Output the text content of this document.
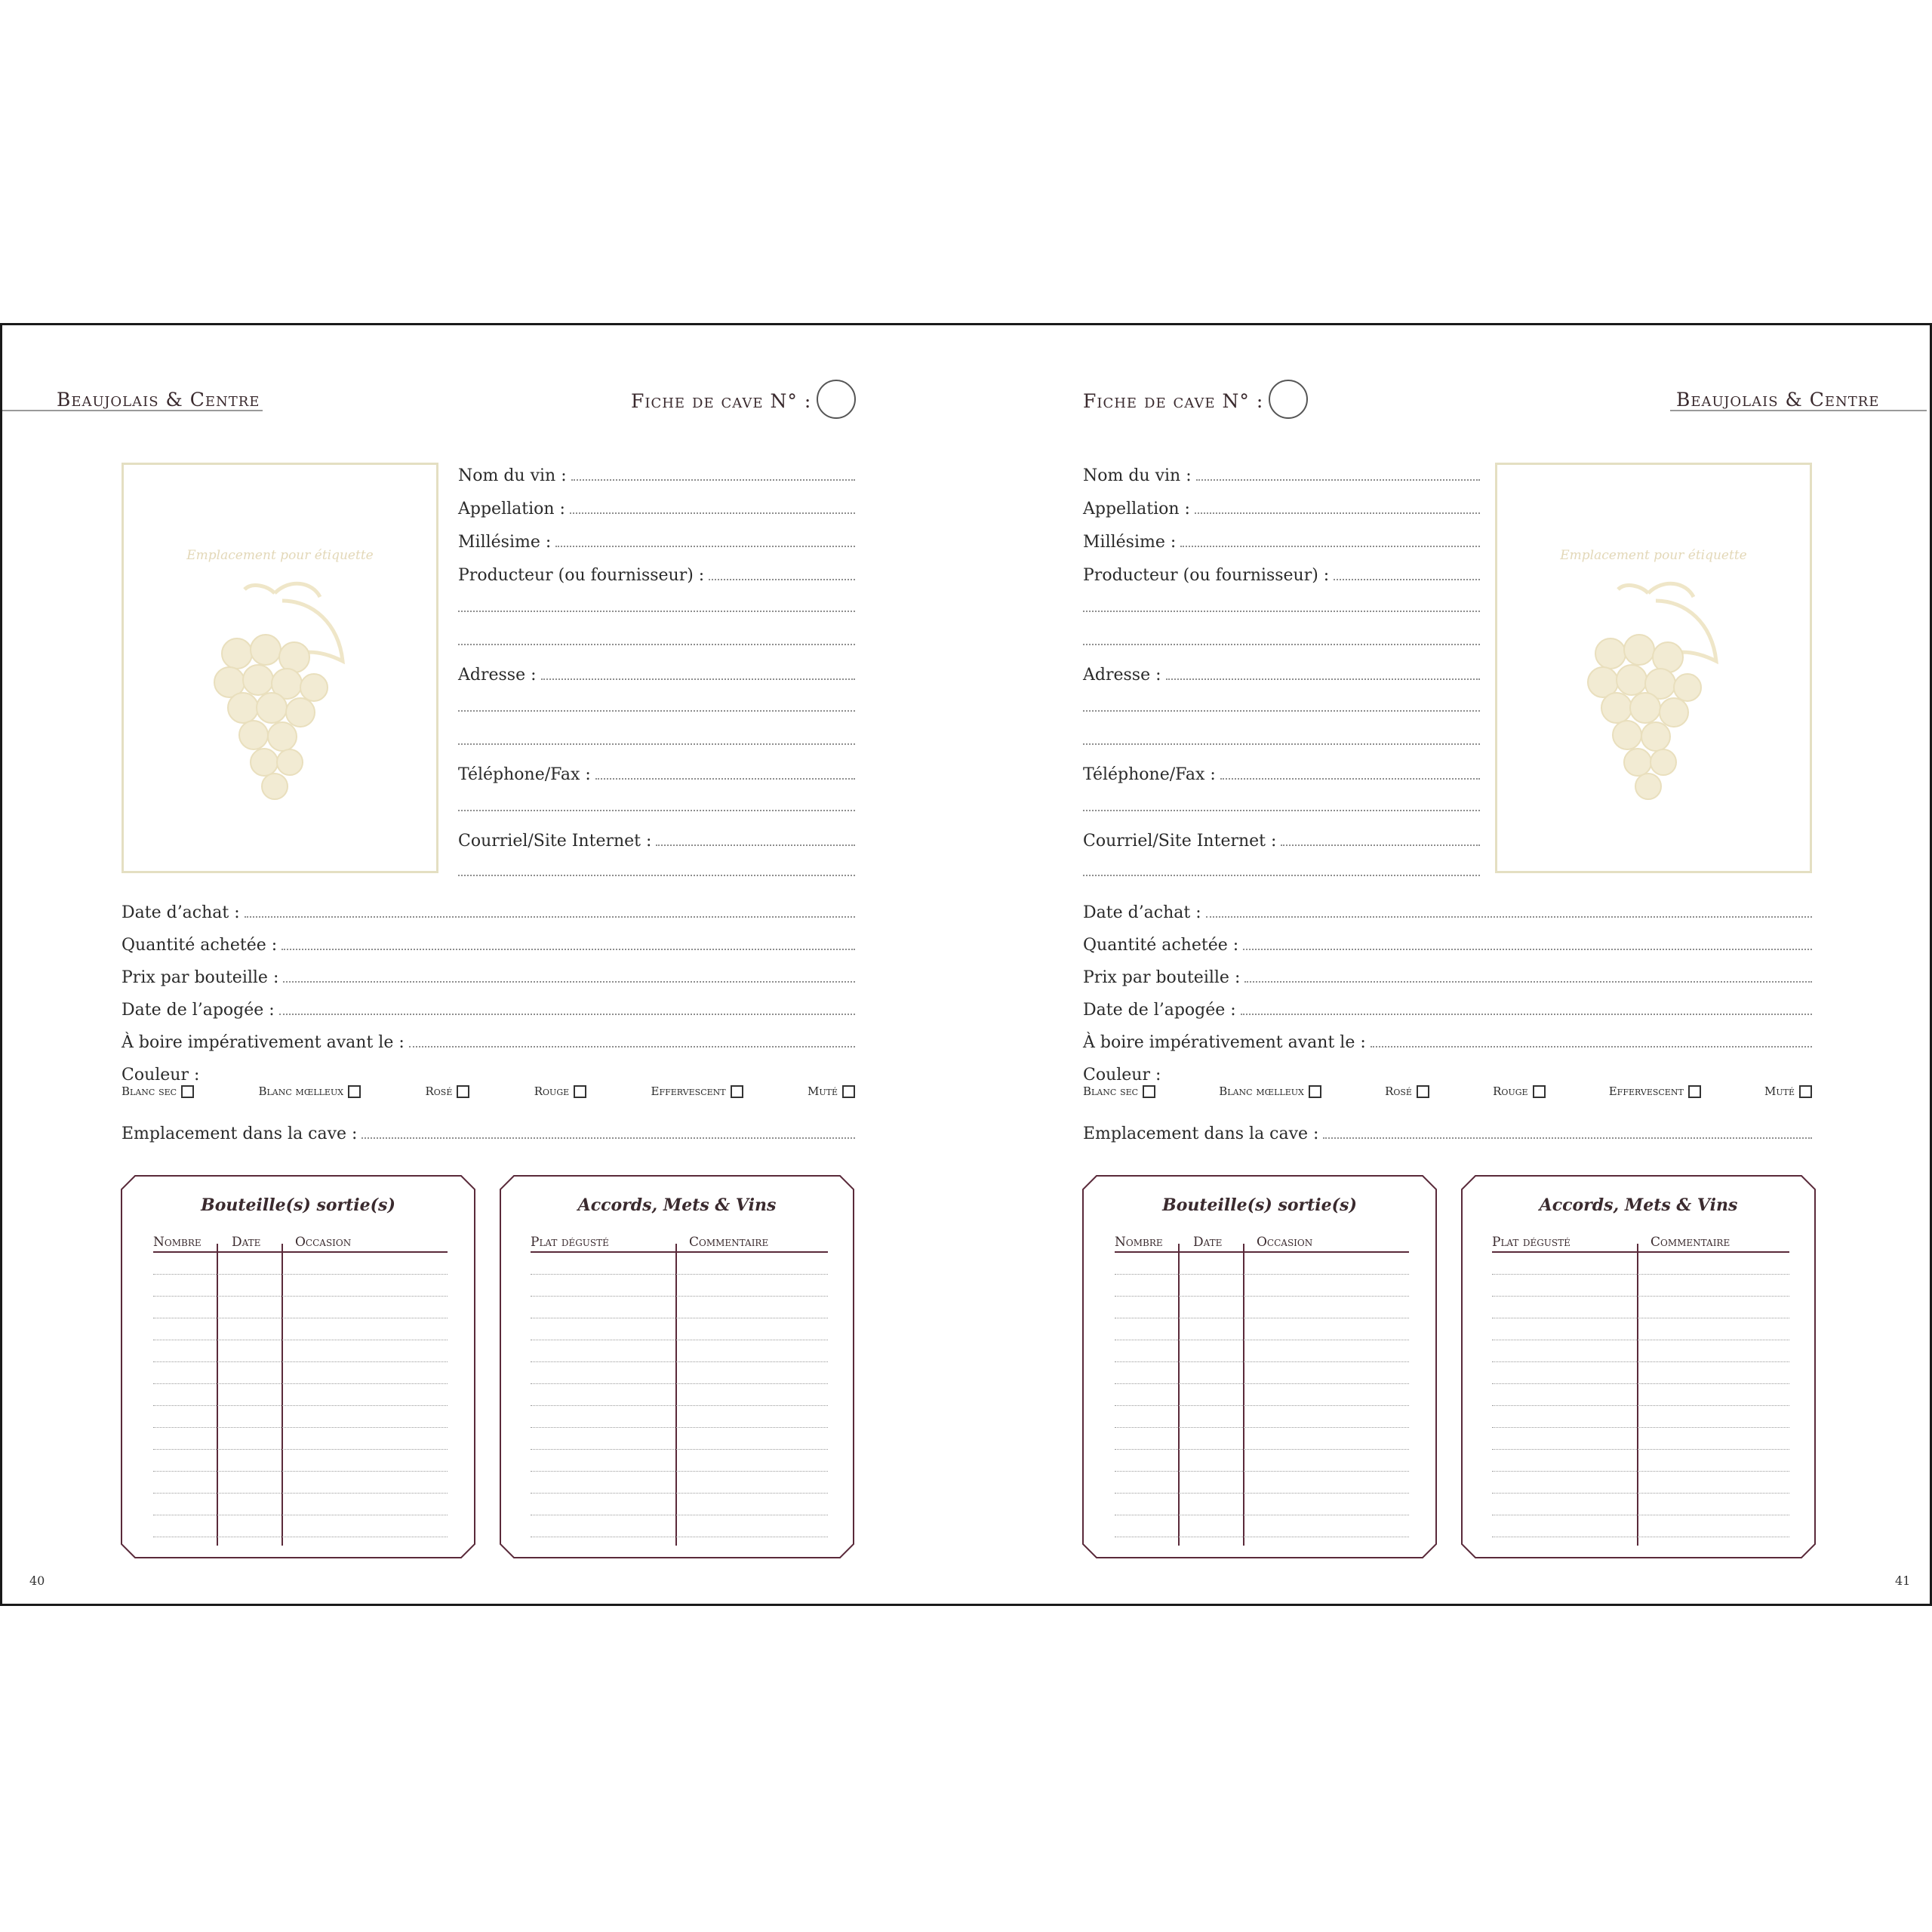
Beaujolais & Centre	Fiche de cave N° :
Emplacement pour étiquette
Nom du vin :
Appellation :
Millésime :
Producteur (ou fournisseur) :
Adresse :
Téléphone/Fax :
Courriel/Site Internet :
Date d’achat :
Quantité achetée :
Prix par bouteille :
Date de l’apogée :
À boire impérativement avant le :
Couleur :
Blanc sec	Blanc mœlleux	Rosé	Rouge	Effervescent	Muté
Emplacement dans la cave :
Bouteille(s) sortie(s)
Nombre Date	Occasion
Accords, Mets & Vins
Plat dégusté	Commentaire
40
Fiche de cave N° :	Beaujolais & Centre
Nom du vin :
Appellation :
Millésime :
Producteur (ou fournisseur) :
Adresse :
Téléphone/Fax :
Courriel/Site Internet :
Emplacement pour étiquette
Date d’achat :
Quantité achetée :
Prix par bouteille :
Date de l’apogée :
À boire impérativement avant le :
Couleur :
Blanc sec	Blanc mœlleux	Rosé	Rouge	Effervescent	Muté
Emplacement dans la cave :
Bouteille(s) sortie(s)
Nombre Date	Occasion
Accords, Mets & Vins
Plat dégusté	Commentaire
41
